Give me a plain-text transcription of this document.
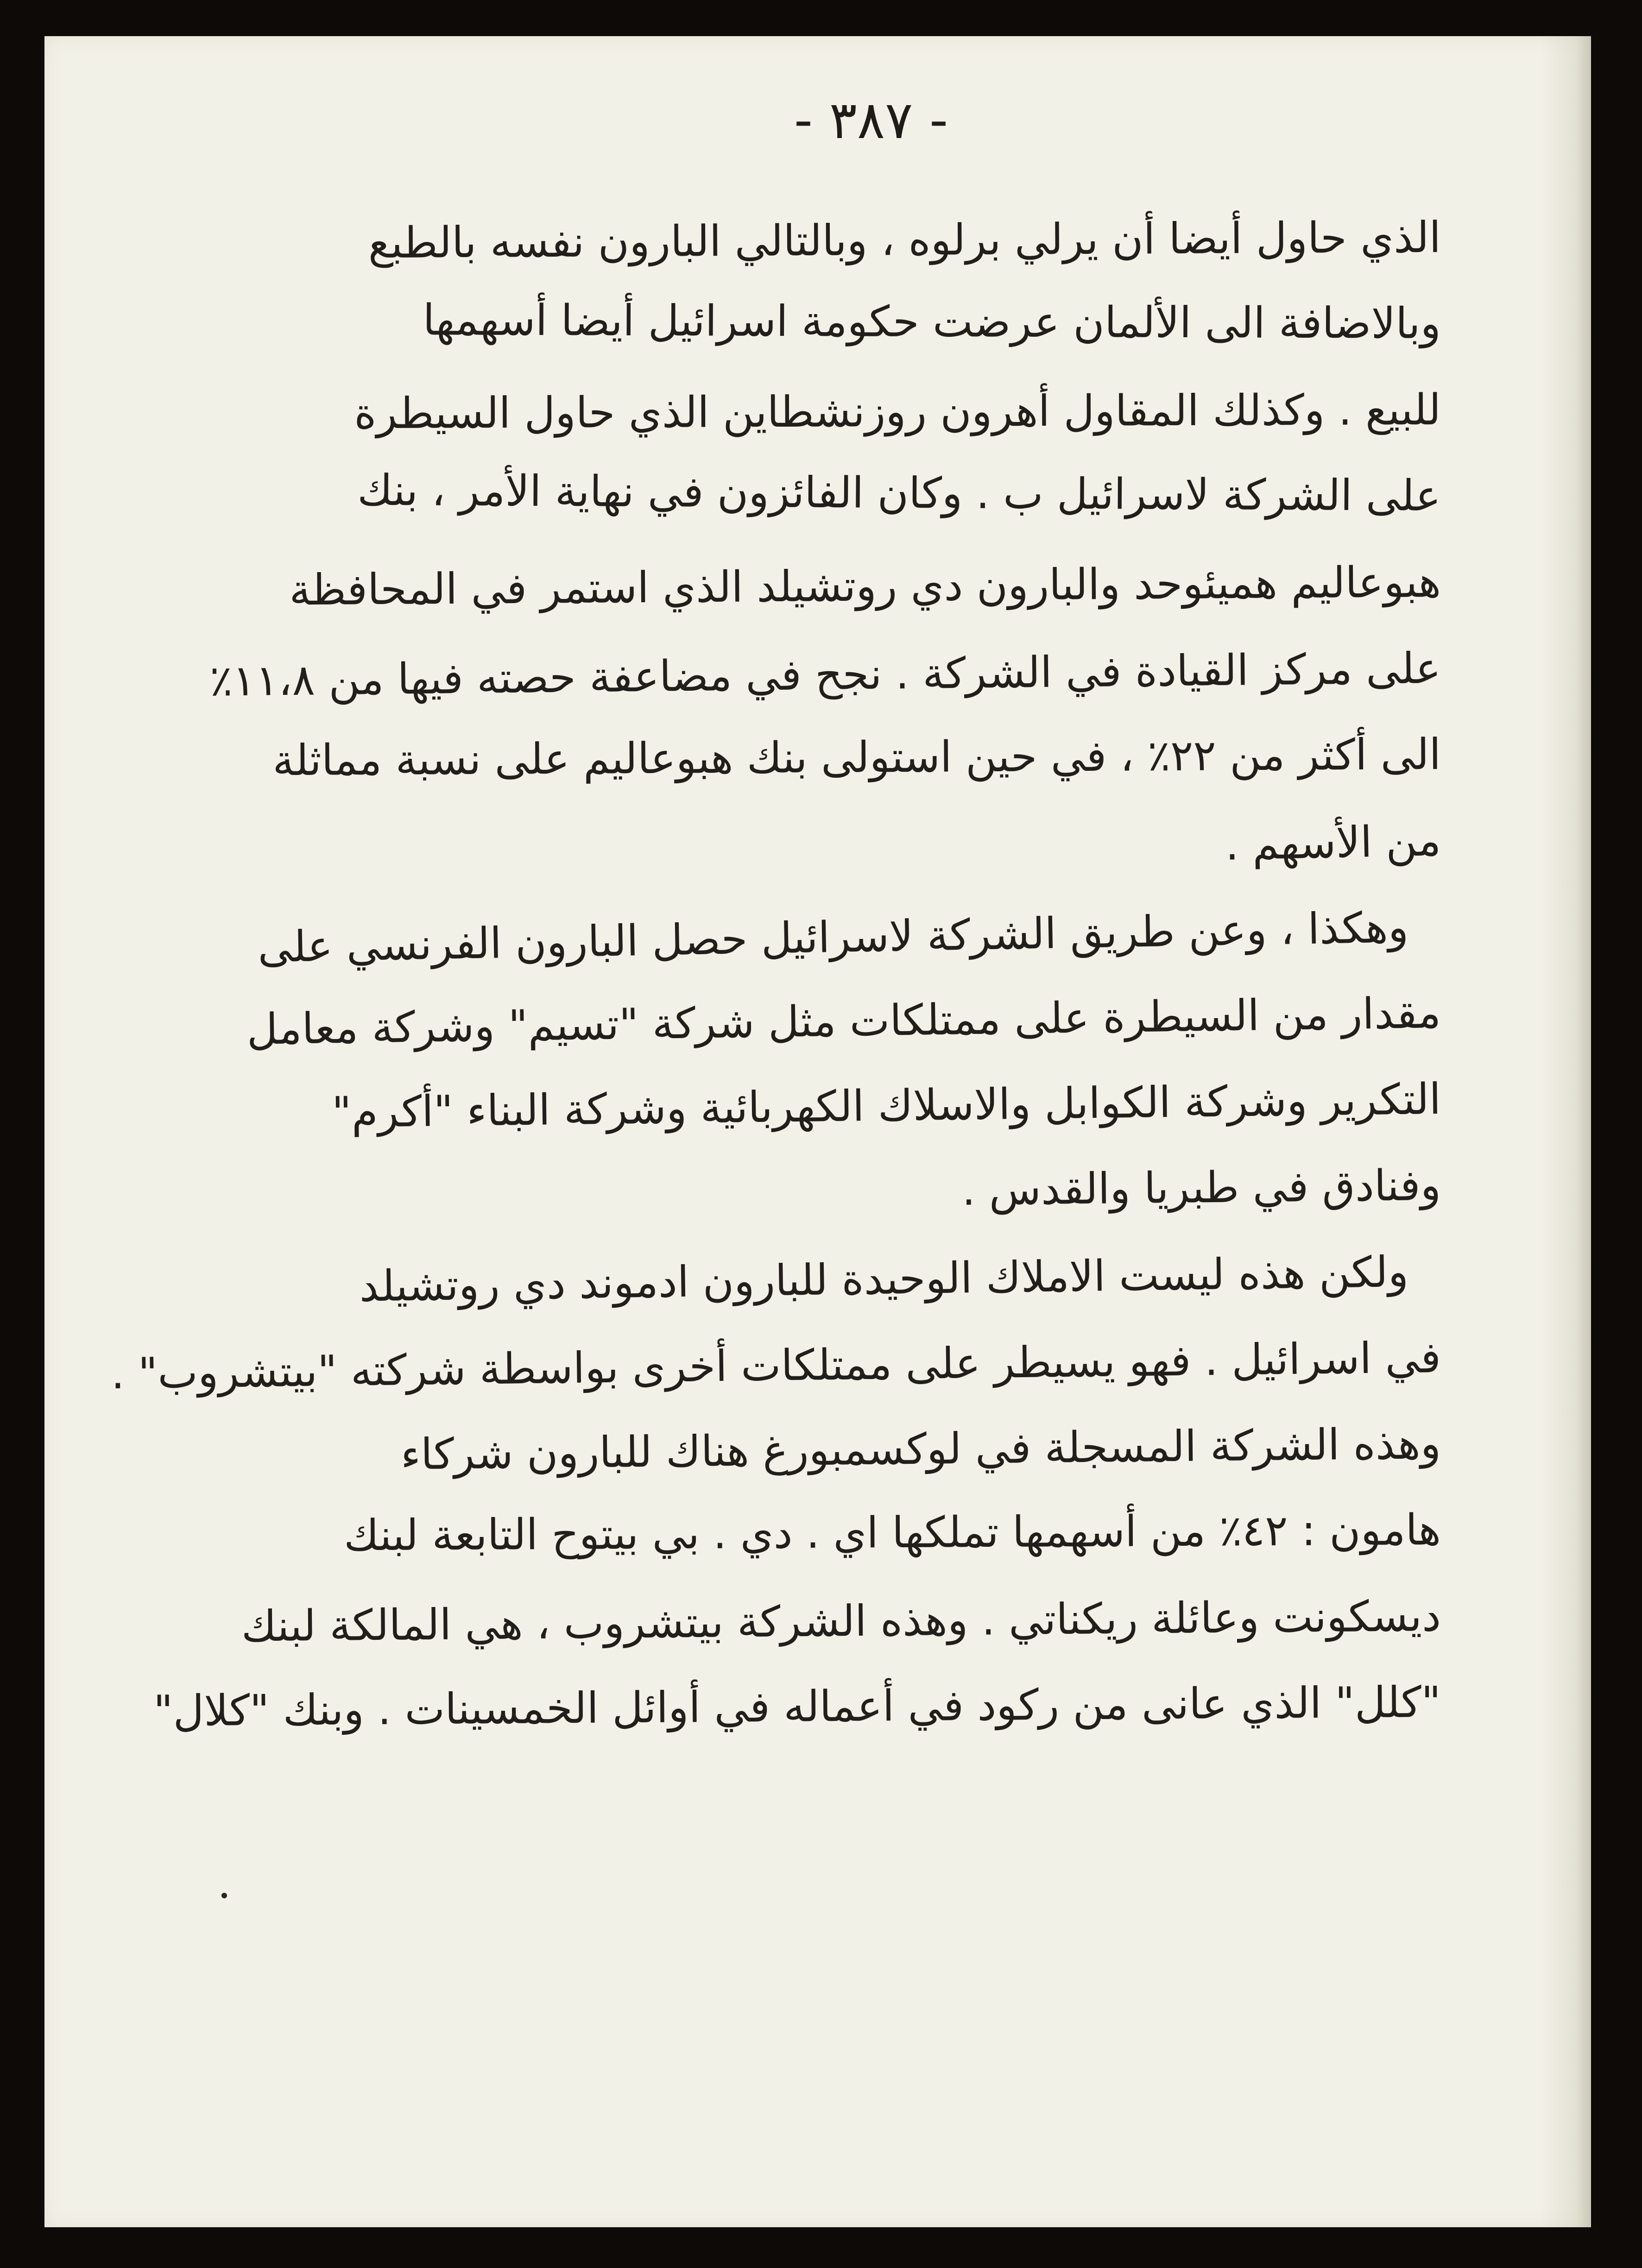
- ٣٨٧ -
الذي حاول أيضا أن يرلي برلوه ، وبالتالي البارون نفسه بالطبع
وبالاضافة الى الألمان عرضت حكومة اسرائيل أيضا أسهمها
للبيع . وكذلك المقاول أهرون روزنشطاين الذي حاول السيطرة
على الشركة لاسرائيل ب . وكان الفائزون في نهاية الأمر ، بنك
هبوعاليم هميئوحد والبارون دي روتشيلد الذي استمر في المحافظة
على مركز القيادة في الشركة . نجح في مضاعفة حصته فيها من ١١،٨٪
الى أكثر من ٢٢٪ ، في حين استولى بنك هبوعاليم على نسبة مماثلة
من الأسهم .
وهكذا ، وعن طريق الشركة لاسرائيل حصل البارون الفرنسي على
مقدار من السيطرة على ممتلكات مثل شركة "تسيم" وشركة معامل
التكرير وشركة الكوابل والاسلاك الكهربائية وشركة البناء "أكرم"
وفنادق في طبريا والقدس .
ولكن هذه ليست الاملاك الوحيدة للبارون ادموند دي روتشيلد
في اسرائيل . فهو يسيطر على ممتلكات أخرى بواسطة شركته "بيتشروب" .
وهذه الشركة المسجلة في لوكسمبورغ هناك للبارون شركاء
هامون : ٤٢٪ من أسهمها تملكها اي . دي . بي بيتوح التابعة لبنك
ديسكونت وعائلة ريكناتي . وهذه الشركة بيتشروب ، هي المالكة لبنك
"كلل" الذي عانى من ركود في أعماله في أوائل الخمسينات . وبنك "كلال"
